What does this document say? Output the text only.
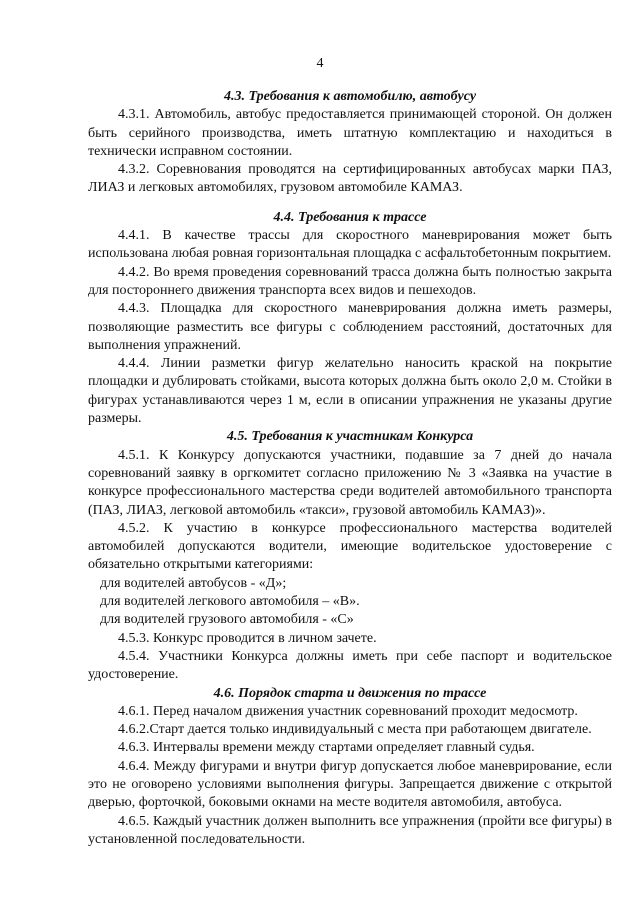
4
4.3. Требования к автомобилю, автобусу

4.3.1. Автомобиль, автобус предоставляется принимающей стороной. Он должен быть серийного производства, иметь штатную комплектацию и находиться в технически исправном состоянии.

4.3.2. Соревнования проводятся на сертифицированных автобусах марки ПАЗ, ЛИАЗ и легковых автомобилях, грузовом автомобиле КАМАЗ.

4.4. Требования к трассе

4.4.1. В качестве трассы для скоростного маневрирования может быть использована любая ровная горизонтальная площадка с асфальтобетонным покрытием.

4.4.2. Во время проведения соревнований трасса должна быть полностью закрыта для постороннего движения транспорта всех видов и пешеходов.

4.4.3. Площадка для скоростного маневрирования должна иметь размеры, позволяющие разместить все фигуры с соблюдением расстояний, достаточных для выполнения упражнений.

4.4.4. Линии разметки фигур желательно наносить краской на покрытие площадки и дублировать стойками, высота которых должна быть около 2,0 м. Стойки в фигурах устанавливаются через 1 м, если в описании упражнения не указаны другие размеры.

4.5. Требования к участникам Конкурса

4.5.1. К Конкурсу допускаются участники, подавшие за 7 дней до начала соревнований заявку в оргкомитет согласно приложению № 3 «Заявка на участие в конкурсе профессионального мастерства среди водителей автомобильного транспорта (ПАЗ, ЛИАЗ, легковой автомобиль «такси», грузовой автомобиль КАМАЗ)».

4.5.2. К участию в конкурсе профессионального мастерства водителей автомобилей допускаются водители, имеющие водительское удостоверение с обязательно открытыми категориями:

для водителей автобусов - «Д»;

для водителей легкового автомобиля – «В».

для водителей грузового автомобиля - «С»

4.5.3. Конкурс проводится в личном зачете.

4.5.4. Участники Конкурса должны иметь при себе паспорт и водительское удостоверение.

4.6. Порядок старта и движения по трассе

4.6.1. Перед началом движения участник соревнований проходит медосмотр.

4.6.2.Старт дается только индивидуальный с места при работающем двигателе.

4.6.3. Интервалы времени между стартами определяет главный судья.

4.6.4. Между фигурами и внутри фигур допускается любое маневрирование, если это не оговорено условиями выполнения фигуры. Запрещается движение с открытой дверью, форточкой, боковыми окнами на месте водителя автомобиля, автобуса.

4.6.5. Каждый участник должен выполнить все упражнения (пройти все фигуры) в установленной последовательности.
